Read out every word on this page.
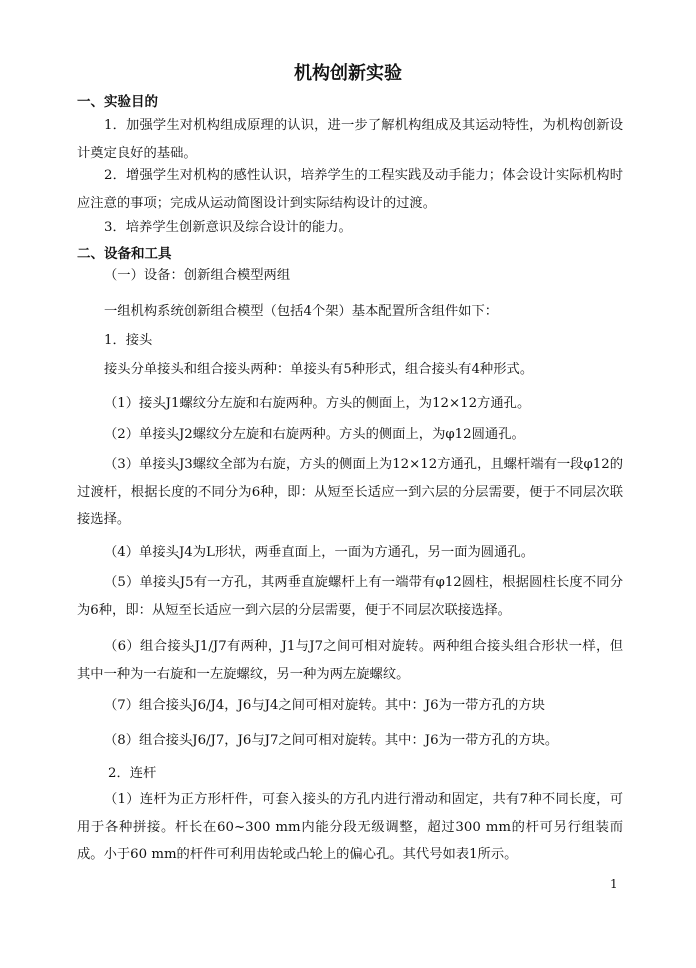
机构创新实验
一、实验目的

1．加强学生对机构组成原理的认识，进一步了解机构组成及其运动特性，为机构创新设计奠定良好的基础。

2．增强学生对机构的感性认识，培养学生的工程实践及动手能力；体会设计实际机构时应注意的事项；完成从运动简图设计到实际结构设计的过渡。

3．培养学生创新意识及综合设计的能力。
二、设备和工具
（一）设备：创新组合模型两组
一组机构系统创新组合模型（包括4个架）基本配置所含组件如下：
1．接头
接头分单接头和组合接头两种：单接头有5种形式，组合接头有4种形式。
（1）接头J1螺纹分左旋和右旋两种。方头的侧面上，为12×12方通孔。
（2）单接头J2螺纹分左旋和右旋两种。方头的侧面上，为φ12圆通孔。

（3）单接头J3螺纹全部为右旋，方头的侧面上为12×12方通孔，且螺杆端有一段φ12的过渡杆，根据长度的不同分为6种，即：从短至长适应一到六层的分层需要，便于不同层次联接选择。

（4）单接头J4为L形状，两垂直面上，一面为方通孔，另一面为圆通孔。

（5）单接头J5有一方孔，其两垂直旋螺杆上有一端带有φ12圆柱，根据圆柱长度不同分为6种，即：从短至长适应一到六层的分层需要，便于不同层次联接选择。

（6）组合接头J1/J7有两种，J1与J7之间可相对旋转。两种组合接头组合形状一样，但其中一种为一右旋和一左旋螺纹，另一种为两左旋螺纹。

（7）组合接头J6/J4，J6与J4之间可相对旋转。其中：J6为一带方孔的方块
（8）组合接头J6/J7，J6与J7之间可相对旋转。其中：J6为一带方孔的方块。
2．连杆

（1）连杆为正方形杆件，可套入接头的方孔内进行滑动和固定，共有7种不同长度，可用于各种拼接。杆长在60~300 mm内能分段无级调整，超过300 mm的杆可另行组装而成。小于60 mm的杆件可利用齿轮或凸轮上的偏心孔。其代号如表1所示。

1
